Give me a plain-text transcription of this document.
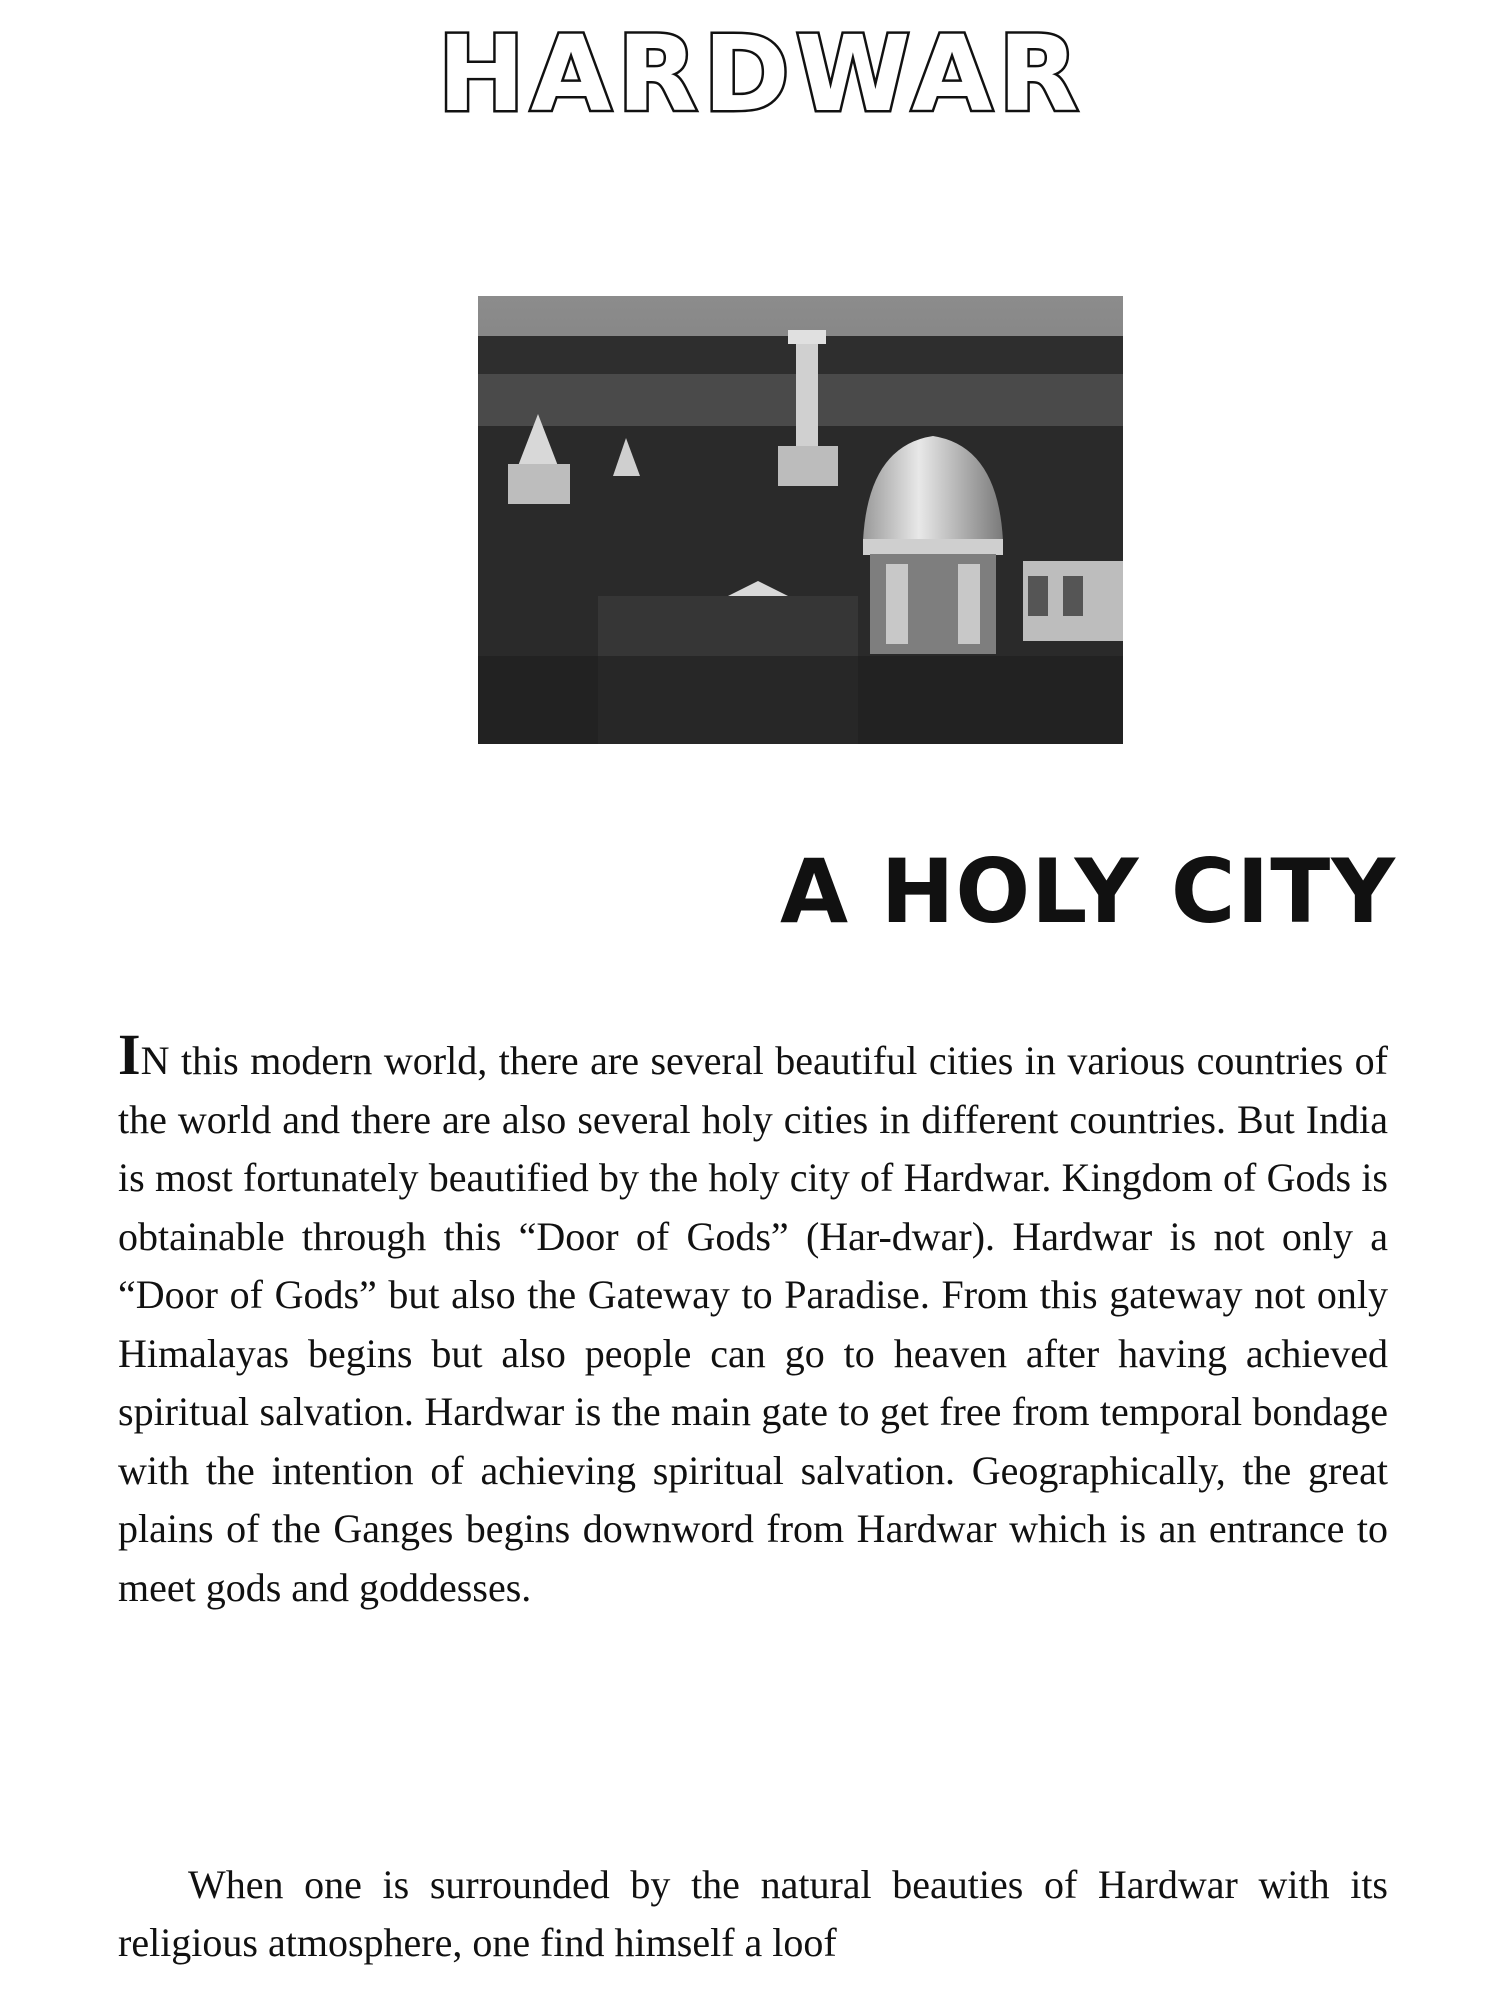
HARDWAR
A HOLY CITY

IN this modern world, there are several beautiful cities in various countries of the world and there are also several holy cities in different countries. But India is most fortunately beautified by the holy city of Hardwar. Kingdom of Gods is obtainable through this “Door of Gods” (Har-dwar). Hardwar is not only a “Door of Gods” but also the Gateway to Paradise. From this gateway not only Himalayas begins but also people can go to heaven after having achieved spiritual salvation. Hardwar is the main gate to get free from temporal bondage with the intention of achieving spiritual salvation. Geographically, the great plains of the Ganges begins downword from Hardwar which is an entrance to meet gods and goddesses.

When one is surrounded by the natural beauties of Hardwar with its religious atmosphere, one find himself a loof
